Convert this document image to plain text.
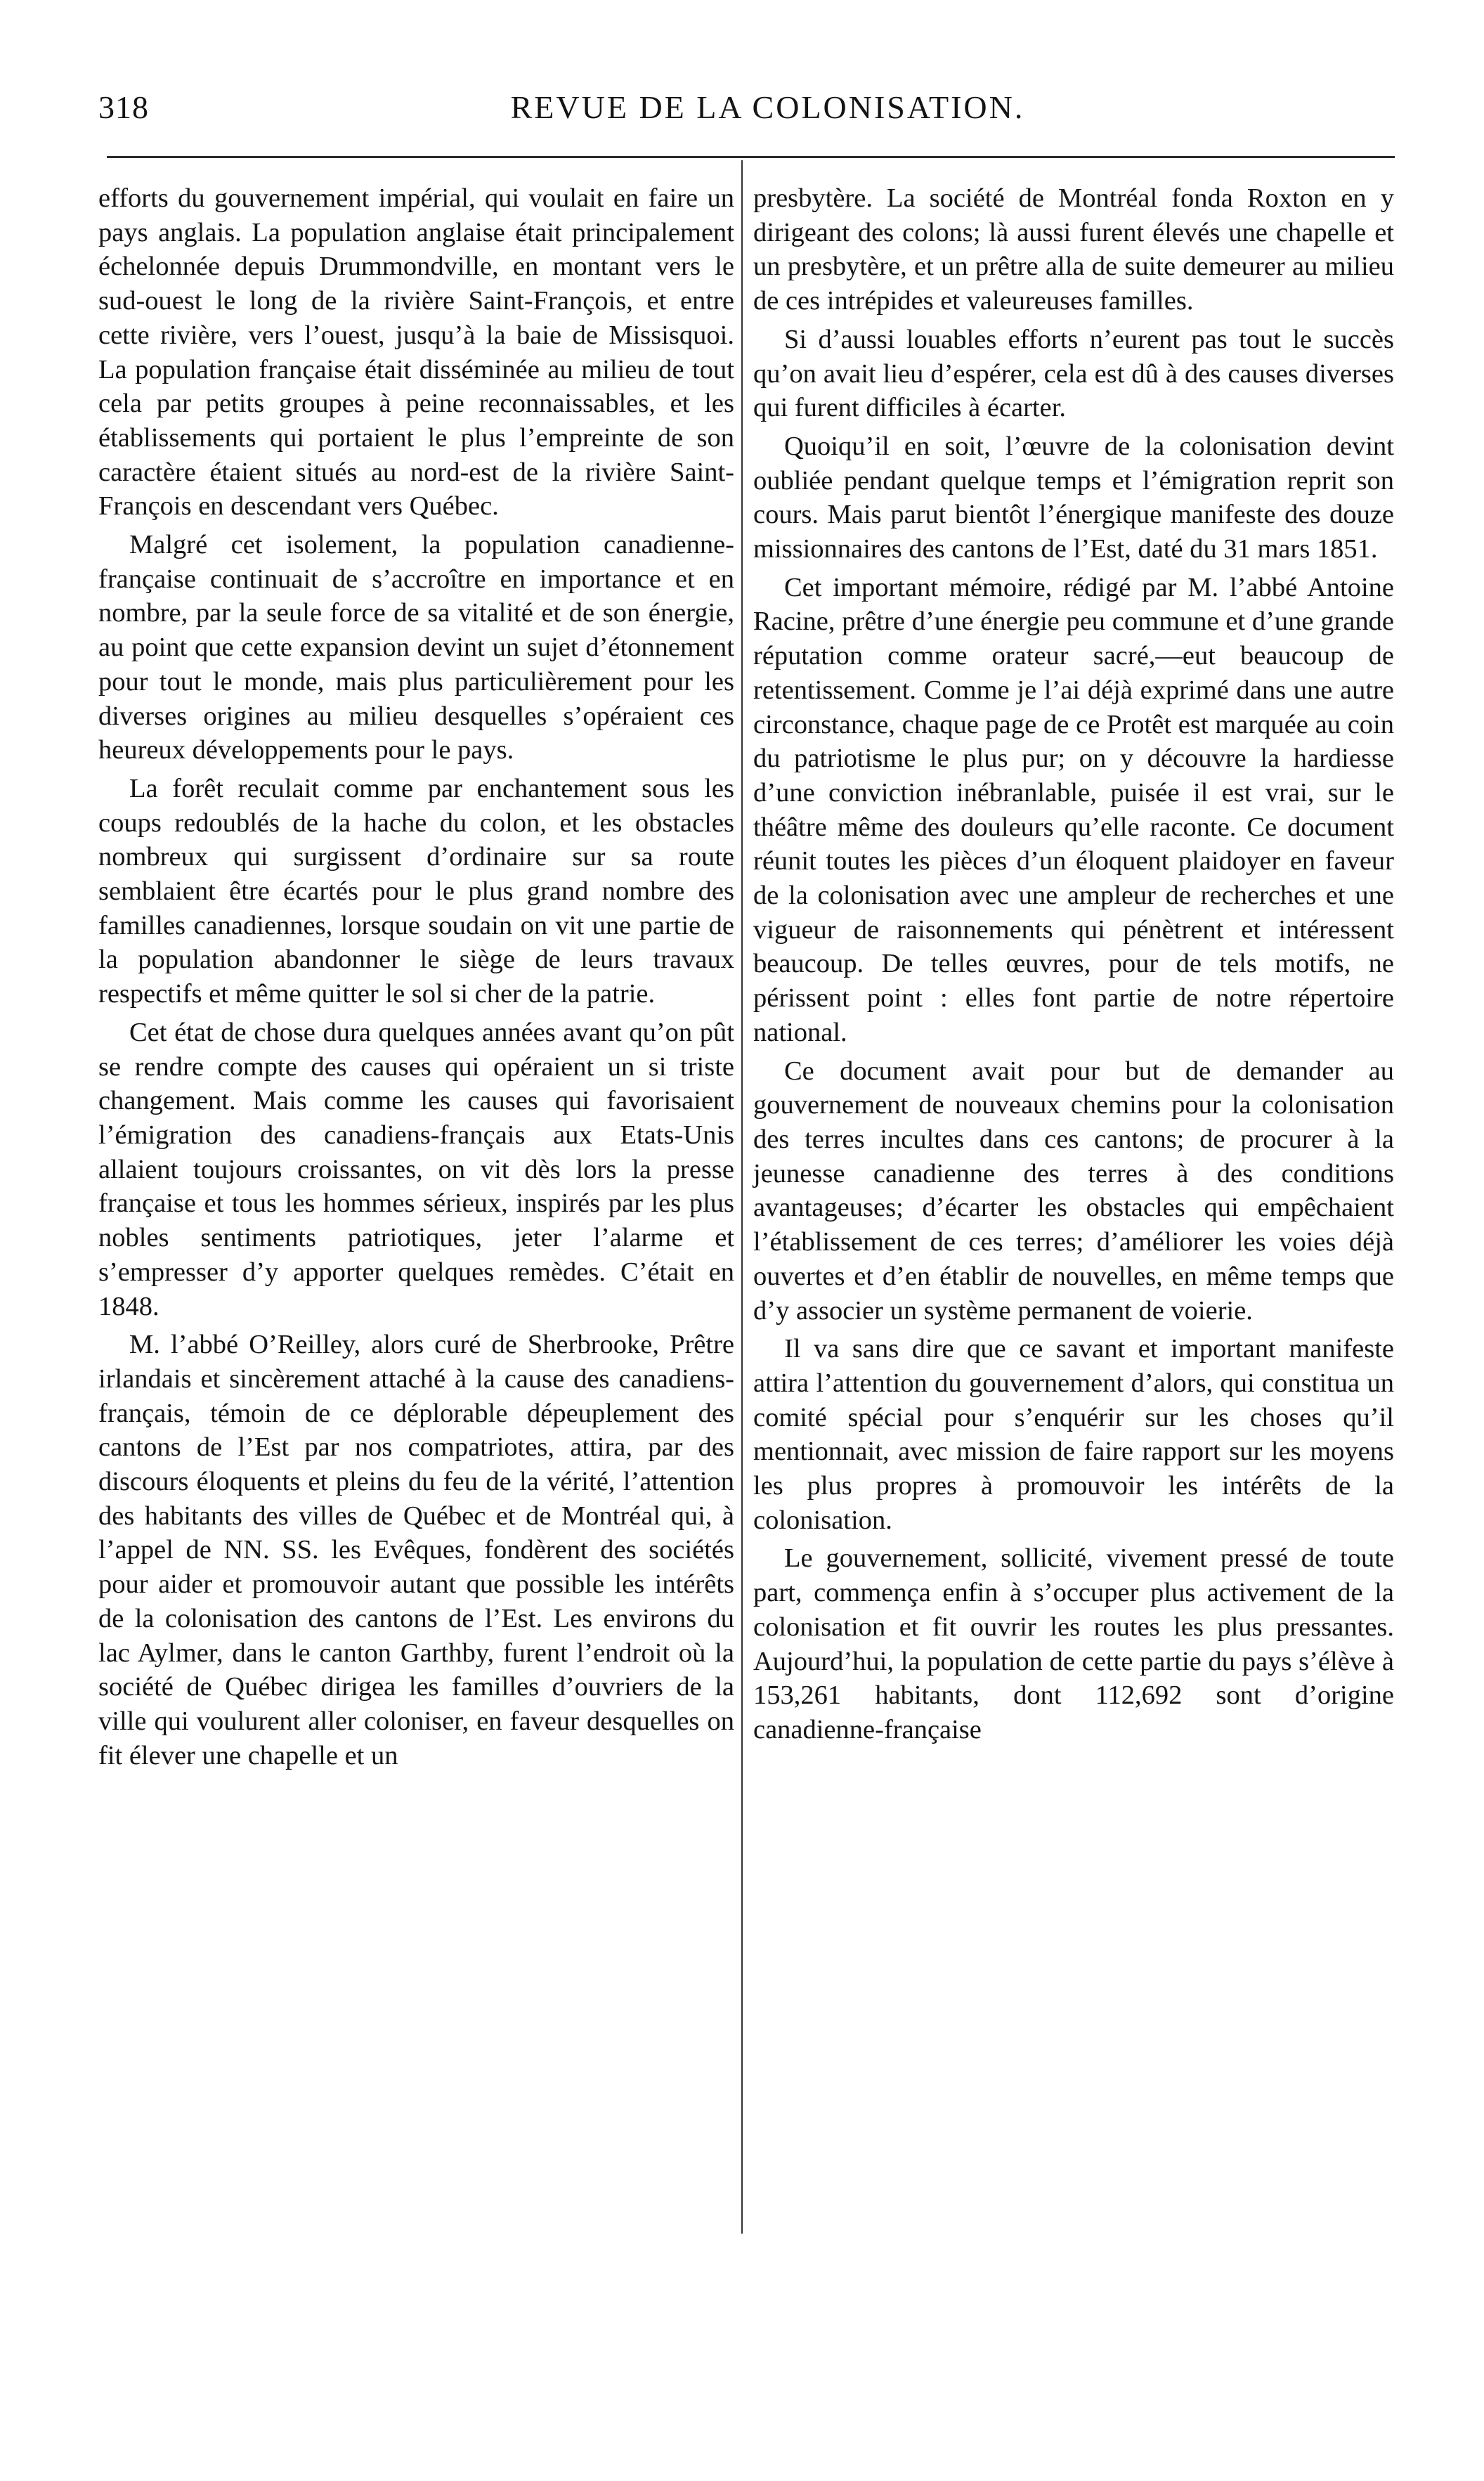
318	REVUE DE LA COLONISATION.

efforts du gouvernement impérial, qui voulait en faire un pays anglais. La population anglaise était principalement échelonnée depuis Drummondville, en montant vers le sud-ouest le long de la rivière Saint-François, et entre cette rivière, vers l’ouest, jusqu’à la baie de Missisquoi. La population française était disséminée au milieu de tout cela par petits groupes à peine reconnaissables, et les établissements qui portaient le plus l’empreinte de son caractère étaient situés au nord-est de la rivière Saint-François en descendant vers Québec.

Malgré cet isolement, la population canadienne-française continuait de s’accroître en importance et en nombre, par la seule force de sa vitalité et de son énergie, au point que cette expansion devint un sujet d’étonnement pour tout le monde, mais plus particulièrement pour les diverses origines au milieu desquelles s’opéraient ces heureux développements pour le pays.

La forêt reculait comme par enchantement sous les coups redoublés de la hache du colon, et les obstacles nombreux qui surgissent d’ordinaire sur sa route semblaient être écartés pour le plus grand nombre des familles canadiennes, lorsque soudain on vit une partie de la population abandonner le siège de leurs travaux respectifs et même quitter le sol si cher de la patrie.

Cet état de chose dura quelques années avant qu’on pût se rendre compte des causes qui opéraient un si triste changement. Mais comme les causes qui favorisaient l’émigration des canadiens-français aux Etats-Unis allaient toujours croissantes, on vit dès lors la presse française et tous les hommes sérieux, inspirés par les plus nobles sentiments patriotiques, jeter l’alarme et s’empresser d’y apporter quelques remèdes. C’était en 1848.

M. l’abbé O’Reilley, alors curé de Sherbrooke, Prêtre irlandais et sincèrement attaché à la cause des canadiens-français, témoin de ce déplorable dépeuplement des cantons de l’Est par nos compatriotes, attira, par des discours éloquents et pleins du feu de la vérité, l’attention des habitants des villes de Québec et de Montréal qui, à l’appel de NN. SS. les Evêques, fondèrent des sociétés pour aider et promouvoir autant que possible les intérêts de la colonisation des cantons de l’Est. Les environs du lac Aylmer, dans le canton Garthby, furent l’endroit où la société de Québec dirigea les familles d’ouvriers de la ville qui voulurent aller coloniser, en faveur desquelles on fit élever une chapelle et un

presbytère. La société de Montréal fonda Roxton en y dirigeant des colons; là aussi furent élevés une chapelle et un presbytère, et un prêtre alla de suite demeurer au milieu de ces intrépides et valeureuses familles.

Si d’aussi louables efforts n’eurent pas tout le succès qu’on avait lieu d’espérer, cela est dû à des causes diverses qui furent difficiles à écarter.

Quoiqu’il en soit, l’œuvre de la colonisation devint oubliée pendant quelque temps et l’émigration reprit son cours. Mais parut bientôt l’énergique manifeste des douze missionnaires des cantons de l’Est, daté du 31 mars 1851.

Cet important mémoire, rédigé par M. l’abbé Antoine Racine, prêtre d’une énergie peu commune et d’une grande réputation comme orateur sacré,—eut beaucoup de retentissement. Comme je l’ai déjà exprimé dans une autre circonstance, chaque page de ce Protêt est marquée au coin du patriotisme le plus pur; on y découvre la hardiesse d’une conviction inébranlable, puisée il est vrai, sur le théâtre même des douleurs qu’elle raconte. Ce document réunit toutes les pièces d’un éloquent plaidoyer en faveur de la colonisation avec une ampleur de recherches et une vigueur de raisonnements qui pénètrent et intéressent beaucoup. De telles œuvres, pour de tels motifs, ne périssent point : elles font partie de notre répertoire national.

Ce document avait pour but de demander au gouvernement de nouveaux chemins pour la colonisation des terres incultes dans ces cantons; de procurer à la jeunesse canadienne des terres à des conditions avantageuses; d’écarter les obstacles qui empêchaient l’établissement de ces terres; d’améliorer les voies déjà ouvertes et d’en établir de nouvelles, en même temps que d’y associer un système permanent de voierie.

Il va sans dire que ce savant et important manifeste attira l’attention du gouvernement d’alors, qui constitua un comité spécial pour s’enquérir sur les choses qu’il mentionnait, avec mission de faire rapport sur les moyens les plus propres à promouvoir les intérêts de la colonisation.

Le gouvernement, sollicité, vivement pressé de toute part, commença enfin à s’occuper plus activement de la colonisation et fit ouvrir les routes les plus pressantes. Aujourd’hui, la population de cette partie du pays s’élève à 153,261 habitants, dont 112,692 sont d’origine canadienne-française
